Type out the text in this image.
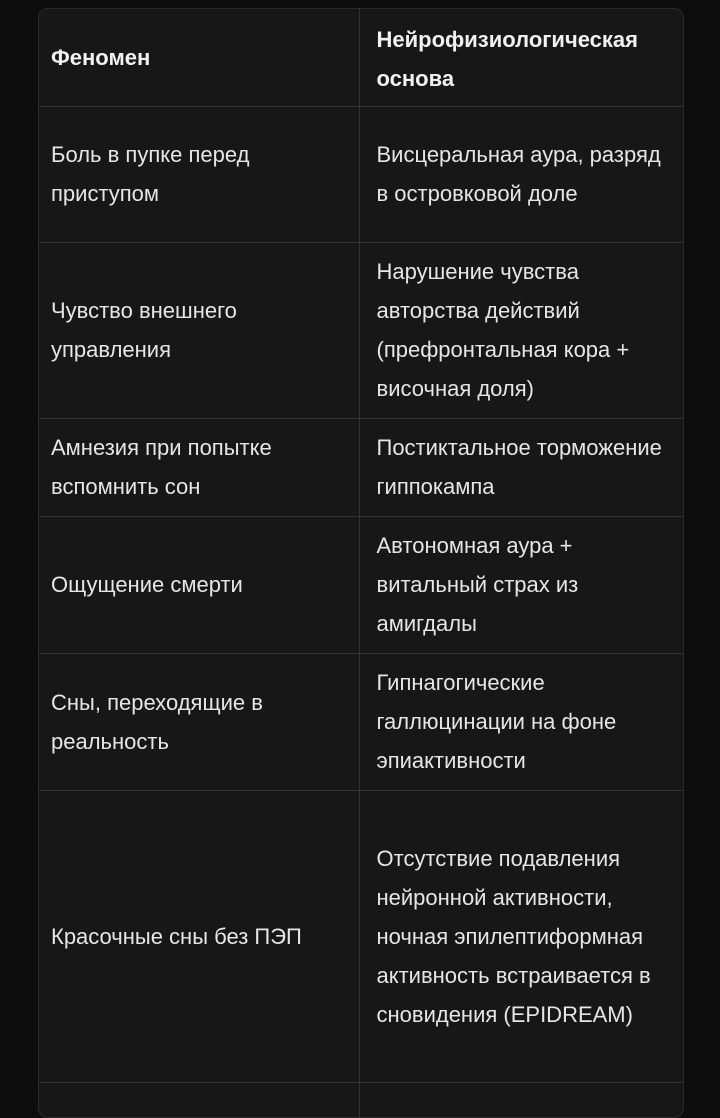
Феномен	Нейрофизиологическая основа
Боль в пупке перед приступом	Висцеральная аура, разряд в островковой доле
Чувство внешнего управления	Нарушение чувства авторства действий (префронтальная кора + височная доля)
Амнезия при попытке вспомнить сон	Постиктальное торможение гиппокампа
Ощущение смерти	Автономная аура + витальный страх из амигдалы
Сны, переходящие в реальность	Гипнагогические галлюцинации на фоне эпиактивности
Красочные сны без ПЭП	Отсутствие подавления нейронной активности, ночная эпилептиформная активность встраивается в сновидения (EPIDREAM)
